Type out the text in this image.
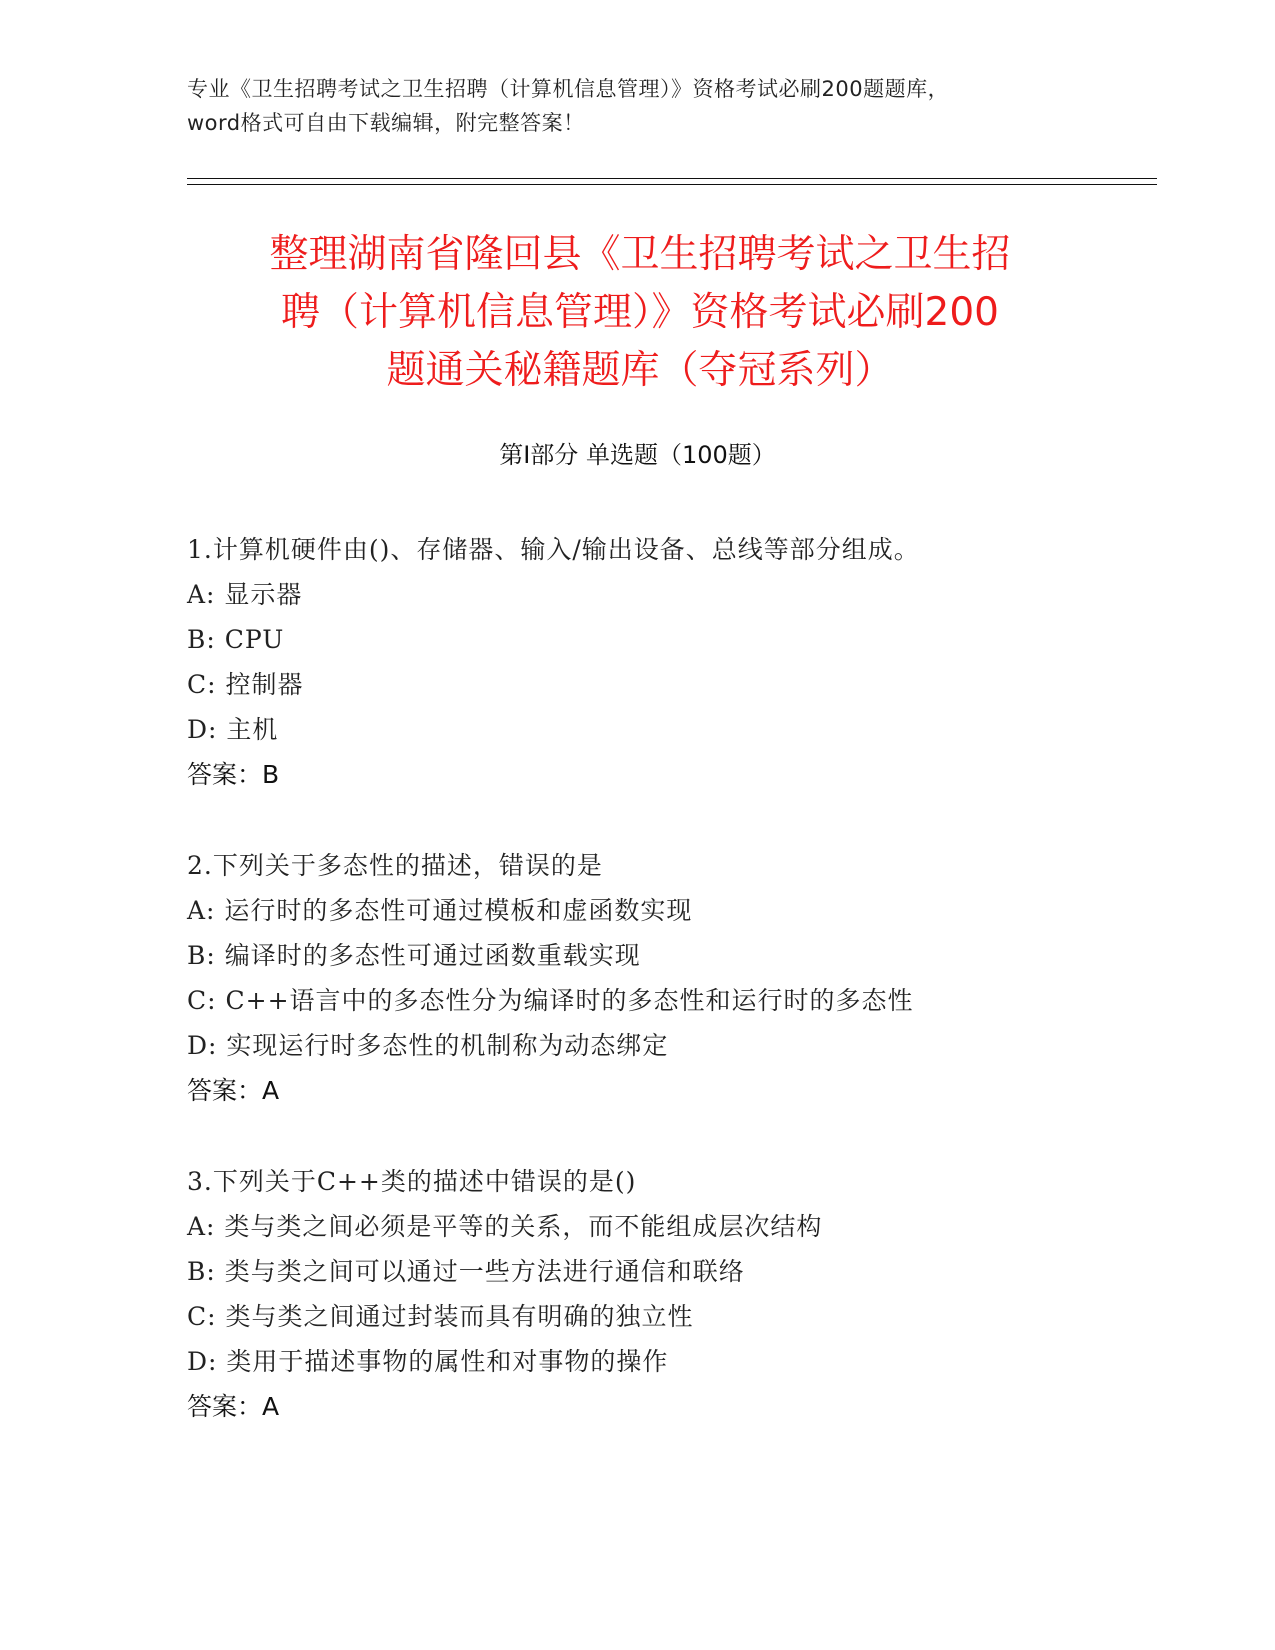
专业《卫生招聘考试之卫生招聘（计算机信息管理）》资格考试必刷200题题库，
word格式可自由下载编辑，附完整答案！
整理湖南省隆回县《卫生招聘考试之卫生招
聘（计算机信息管理）》资格考试必刷200
题通关秘籍题库（夺冠系列）
第Ⅰ部分 单选题（100题）
1.计算机硬件由()、存储器、输入/输出设备、总线等部分组成。
A: 显示器
B: CPU
C: 控制器
D: 主机
答案：B
2.下列关于多态性的描述，错误的是
A: 运行时的多态性可通过模板和虚函数实现
B: 编译时的多态性可通过函数重载实现
C: C++语言中的多态性分为编译时的多态性和运行时的多态性
D: 实现运行时多态性的机制称为动态绑定
答案：A
3.下列关于C++类的描述中错误的是()
A: 类与类之间必须是平等的关系，而不能组成层次结构
B: 类与类之间可以通过一些方法进行通信和联络
C: 类与类之间通过封装而具有明确的独立性
D: 类用于描述事物的属性和对事物的操作
答案：A
